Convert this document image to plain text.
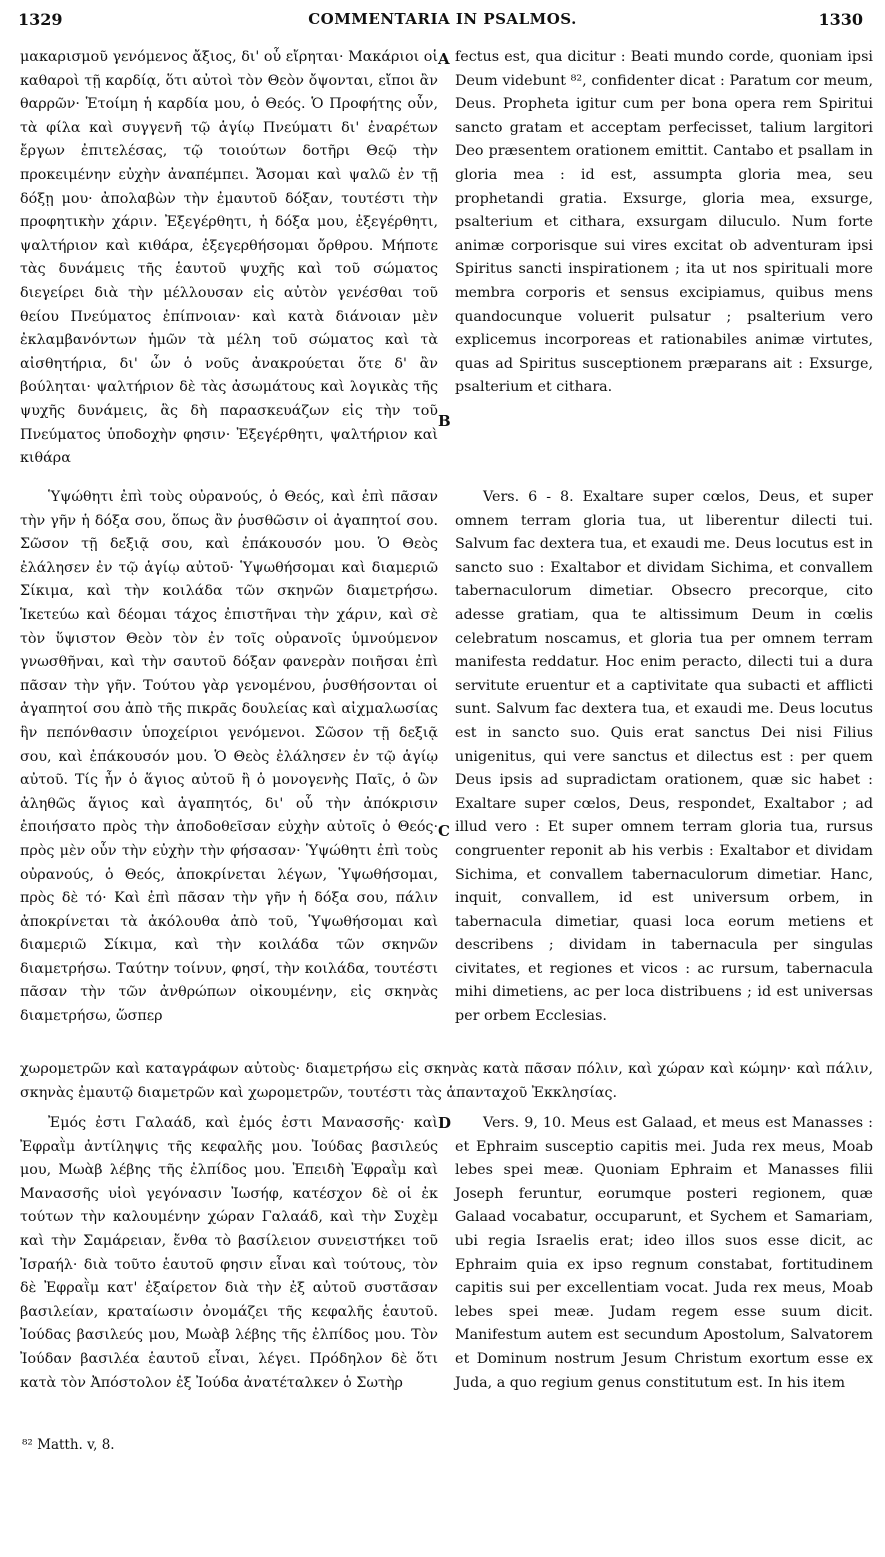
1329	COMMENTARIA IN PSALMOS.	1330

μακαρισμοῦ γενόμενος ἄξιος, δι' οὗ εἴρηται· Μακάριοι οἱ καθαροὶ τῇ καρδίᾳ, ὅτι αὐτοὶ τὸν Θεὸν ὄψονται, εἴποι ἂν θαρρῶν· Ἑτοίμη ἡ καρδία μου, ὁ Θεός. Ὁ Προφήτης οὖν, τὰ φίλα καὶ συγγενῆ τῷ ἁγίῳ Πνεύματι δι' ἐναρέτων ἔργων ἐπιτελέσας, τῷ τοιούτων δοτῆρι Θεῷ τὴν προκειμένην εὐχὴν ἀναπέμπει. Ἄσομαι καὶ ψαλῶ ἐν τῇ δόξῃ μου· ἀπολαβὼν τὴν ἐμαυτοῦ δόξαν, τουτέστι τὴν προφητικὴν χάριν. Ἐξεγέρθητι, ἡ δόξα μου, ἐξεγέρθητι, ψαλτήριον καὶ κιθάρα, ἐξεγερθήσομαι ὄρθρου. Μήποτε τὰς δυνάμεις τῆς ἑαυτοῦ ψυχῆς καὶ τοῦ σώματος διεγείρει διὰ τὴν μέλλουσαν εἰς αὐτὸν γενέσθαι τοῦ θείου Πνεύματος ἐπίπνοιαν· καὶ κατὰ διάνοιαν μὲν ἐκλαμβανόντων ἡμῶν τὰ μέλη τοῦ σώματος καὶ τὰ αἰσθητήρια, δι' ὧν ὁ νοῦς ἀνακρούεται ὅτε δ' ἂν βούληται· ψαλτήριον δὲ τὰς ἀσωμάτους καὶ λογικὰς τῆς ψυχῆς δυνάμεις, ἃς δὴ παρασκευάζων εἰς τὴν τοῦ Πνεύματος ὑποδοχὴν φησιν· Ἐξεγέρθητι, ψαλτήριον καὶ κιθάρα

Ὑψώθητι ἐπὶ τοὺς οὐρανούς, ὁ Θεός, καὶ ἐπὶ πᾶσαν τὴν γῆν ἡ δόξα σου, ὅπως ἂν ῥυσθῶσιν οἱ ἀγαπητοί σου. Σῶσον τῇ δεξιᾷ σου, καὶ ἐπάκουσόν μου. Ὁ Θεὸς ἐλάλησεν ἐν τῷ ἁγίῳ αὐτοῦ· Ὑψωθήσομαι καὶ διαμεριῶ Σίκιμα, καὶ τὴν κοιλάδα τῶν σκηνῶν διαμετρήσω. Ἱκετεύω καὶ δέομαι τάχος ἐπιστῆναι τὴν χάριν, καὶ σὲ τὸν ὕψιστον Θεὸν τὸν ἐν τοῖς οὐρανοῖς ὑμνούμενον γνωσθῆναι, καὶ τὴν σαυτοῦ δόξαν φανερὰν ποιῆσαι ἐπὶ πᾶσαν τὴν γῆν. Τούτου γὰρ γενομένου, ῥυσθήσονται οἱ ἀγαπητοί σου ἀπὸ τῆς πικρᾶς δουλείας καὶ αἰχμαλωσίας ἣν πεπόνθασιν ὑποχείριοι γενόμενοι. Σῶσον τῇ δεξιᾷ σου, καὶ ἐπάκουσόν μου. Ὁ Θεὸς ἐλάλησεν ἐν τῷ ἁγίῳ αὐτοῦ. Τίς ἦν ὁ ἅγιος αὐτοῦ ἢ ὁ μονογενὴς Παῖς, ὁ ὢν ἀληθῶς ἅγιος καὶ ἀγαπητός, δι' οὗ τὴν ἀπόκρισιν ἐποιήσατο πρὸς τὴν ἀποδοθεῖσαν εὐχὴν αὐτοῖς ὁ Θεός· πρὸς μὲν οὖν τὴν εὐχὴν τὴν φήσασαν· Ὑψώθητι ἐπὶ τοὺς οὐρανούς, ὁ Θεός, ἀποκρίνεται λέγων, Ὑψωθήσομαι, πρὸς δὲ τό· Καὶ ἐπὶ πᾶσαν τὴν γῆν ἡ δόξα σου, πάλιν ἀποκρίνεται τὰ ἀκόλουθα ἀπὸ τοῦ, Ὑψωθήσομαι καὶ διαμεριῶ Σίκιμα, καὶ τὴν κοιλάδα τῶν σκηνῶν διαμετρήσω. Ταύτην τοίνυν, φησί, τὴν κοιλάδα, τουτέστι πᾶσαν τὴν τῶν ἀνθρώπων οἰκουμένην, εἰς σκηνὰς διαμετρήσω, ὥσπερ

fectus est, qua dicitur : Beati mundo corde, quoniam ipsi Deum videbunt ⁸², confidenter dicat : Paratum cor meum, Deus. Propheta igitur cum per bona opera rem Spiritui sancto gratam et acceptam perfecisset, talium largitori Deo præsentem orationem emittit. Cantabo et psallam in gloria mea : id est, assumpta gloria mea, seu prophetandi gratia. Exsurge, gloria mea, exsurge, psalterium et cithara, exsurgam diluculo. Num forte animæ corporisque sui vires excitat ob adventuram ipsi Spiritus sancti inspirationem ; ita ut nos spirituali more membra corporis et sensus excipiamus, quibus mens quandocunque voluerit pulsatur ; psalterium vero explicemus incorporeas et rationabiles animæ virtutes, quas ad Spiritus susceptionem præparans ait : Exsurge, psalterium et cithara.

Vers. 6 - 8. Exaltare super cœlos, Deus, et super omnem terram gloria tua, ut liberentur dilecti tui. Salvum fac dextera tua, et exaudi me. Deus locutus est in sancto suo : Exaltabor et dividam Sichima, et convallem tabernaculorum dimetiar. Obsecro precorque, cito adesse gratiam, qua te altissimum Deum in cœlis celebratum noscamus, et gloria tua per omnem terram manifesta reddatur. Hoc enim peracto, dilecti tui a dura servitute eruentur et a captivitate qua subacti et afflicti sunt. Salvum fac dextera tua, et exaudi me. Deus locutus est in sancto suo. Quis erat sanctus Dei nisi Filius unigenitus, qui vere sanctus et dilectus est : per quem Deus ipsis ad supradictam orationem, quæ sic habet : Exaltare super cœlos, Deus, respondet, Exaltabor ; ad illud vero : Et super omnem terram gloria tua, rursus congruenter reponit ab his verbis : Exaltabor et dividam Sichima, et convallem tabernaculorum dimetiar. Hanc, inquit, convallem, id est universum orbem, in tabernacula dimetiar, quasi loca eorum metiens et describens ; dividam in tabernacula per singulas civitates, et regiones et vicos : ac rursum, tabernacula mihi dimetiens, ac per loca distribuens ; id est universas per orbem Ecclesias.

χωρομετρῶν καὶ καταγράφων αὐτοὺς· διαμετρήσω εἰς σκηνὰς κατὰ πᾶσαν πόλιν, καὶ χώραν καὶ κώμην· καὶ πάλιν, σκηνὰς ἐμαυτῷ διαμετρῶν καὶ χωρομετρῶν, τουτέστι τὰς ἁπανταχοῦ Ἐκκλησίας.

Ἐμός ἐστι Γαλαάδ, καὶ ἐμός ἐστι Μανασσῆς· καὶ Ἐφραῒμ ἀντίληψις τῆς κεφαλῆς μου. Ἰούδας βασιλεύς μου, Μωὰβ λέβης τῆς ἐλπίδος μου. Ἐπειδὴ Ἐφραῒμ καὶ Μανασσῆς υἱοὶ γεγόνασιν Ἰωσήφ, κατέσχον δὲ οἱ ἐκ τούτων τὴν καλουμένην χώραν Γαλαάδ, καὶ τὴν Συχὲμ καὶ τὴν Σαμάρειαν, ἔνθα τὸ βασίλειον συνειστήκει τοῦ Ἰσραήλ· διὰ τοῦτο ἑαυτοῦ φησιν εἶναι καὶ τούτους, τὸν δὲ Ἐφραῒμ κατ' ἐξαίρετον διὰ τὴν ἐξ αὐτοῦ συστᾶσαν βασιλείαν, κραταίωσιν ὀνομάζει τῆς κεφαλῆς ἑαυτοῦ. Ἰούδας βασιλεύς μου, Μωὰβ λέβης τῆς ἐλπίδος μου. Τὸν Ἰούδαν βασιλέα ἑαυτοῦ εἶναι, λέγει. Πρόδηλον δὲ ὅτι κατὰ τὸν Ἀπόστολον ἐξ Ἰούδα ἀνατέταλκεν ὁ Σωτὴρ

Vers. 9, 10. Meus est Galaad, et meus est Manasses : et Ephraim susceptio capitis mei. Juda rex meus, Moab lebes spei meæ. Quoniam Ephraim et Manasses filii Joseph feruntur, eorumque posteri regionem, quæ Galaad vocabatur, occuparunt, et Sychem et Samariam, ubi regia Israelis erat; ideo illos suos esse dicit, ac Ephraim quia ex ipso regnum constabat, fortitudinem capitis sui per excellentiam vocat. Juda rex meus, Moab lebes spei meæ. Judam regem esse suum dicit. Manifestum autem est secundum Apostolum, Salvatorem et Dominum nostrum Jesum Christum exortum esse ex Juda, a quo regium genus constitutum est. In his item

A
B
C
D
⁸² Matth. v, 8.
